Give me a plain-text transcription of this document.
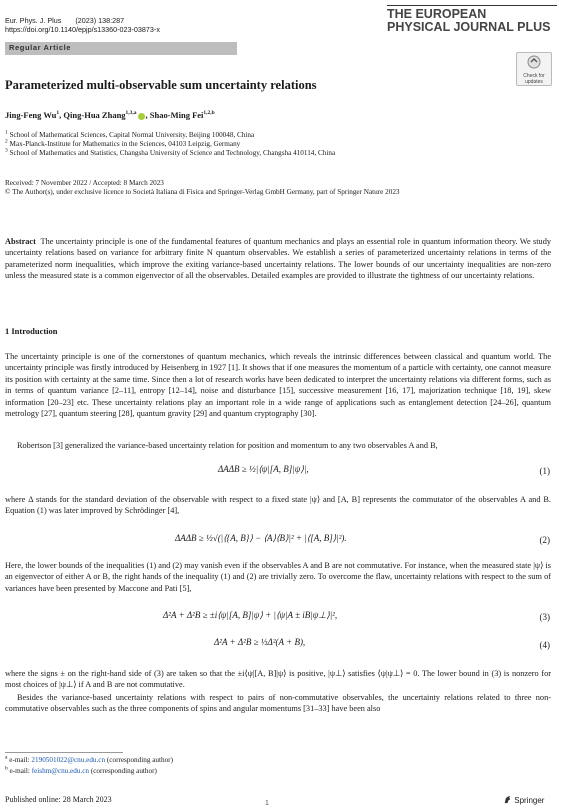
Eur. Phys. J. Plus (2023) 138:287
https://doi.org/10.1140/epjp/s13360-023-03873-x
THE EUROPEAN
PHYSICAL JOURNAL PLUS
Regular Article
Check for updates
Parameterized multi-observable sum uncertainty relations
Jing-Feng Wu$^1$, Qing-Hua Zhang$^{1,3,a}$ , Shao-Ming Fei$^{1,2,b}$
$^1$ School of Mathematical Sciences, Capital Normal University, Beijing 100048, China
$^2$ Max-Planck-Institute for Mathematics in the Sciences, 04103 Leipzig, Germany
$^3$ School of Mathematics and Statistics, Changsha University of Science and Technology, Changsha 410114, China
Received: 7 November 2022 / Accepted: 8 March 2023
© The Author(s), under exclusive licence to Società Italiana di Fisica and Springer-Verlag GmbH Germany, part of Springer Nature 2023
Abstract The uncertainty principle is one of the fundamental features of quantum mechanics and plays an essential role in quantum information theory. We study uncertainty relations based on variance for arbitrary finite N quantum observables. We establish a series of parameterized uncertainty relations in terms of the parameterized norm inequalities, which improve the exiting variance-based uncertainty relations. The lower bounds of our uncertainty inequalities are non-zero unless the measured state is a common eigenvector of all the observables. Detailed examples are provided to illustrate the tightness of our uncertainty relations.
1 Introduction
The uncertainty principle is one of the cornerstones of quantum mechanics, which reveals the intrinsic differences between classical and quantum world. The uncertainty principle was firstly introduced by Heisenberg in 1927 [1]. It shows that if one measures the momentum of a particle with certainty, one cannot measure its position with certainty at the same time. Since then a lot of research works have been dedicated to interpret the uncertainty relations via different forms, such as in terms of quantum variance [2–11], entropy [12–14], noise and disturbance [15], successive measurement [16, 17], majorization technique [18, 19], skew information [20–23] etc. These uncertainty relations play an important role in a wide range of applications such as entanglement detection [24–26], quantum metrology [27], quantum steering [28], quantum gravity [29] and quantum cryptography [30].
Robertson [3] generalized the variance-based uncertainty relation for position and momentum to any two observables A and B,
ΔAΔB ≥ ½|⟨ψ|[A, B]|ψ⟩|,	(1)
where Δ stands for the standard deviation of the observable with respect to a fixed state |ψ⟩ and [A, B] represents the commutator of the observables A and B. Equation (1) was later improved by Schrödinger [4],
ΔAΔB ≥ ½√(|⟨{A, B}⟩ − ⟨A⟩⟨B⟩|² + |⟨[A, B]⟩|²).	(2)
Here, the lower bounds of the inequalities (1) and (2) may vanish even if the observables A and B are not commutative. For instance, when the measured state |ψ⟩ is an eigenvector of either A or B, the right hands of the inequality (1) and (2) are trivially zero. To overcome the flaw, uncertainty relations with respect to the sum of variances have been presented by Maccone and Pati [5],
Δ²A + Δ²B ≥ ±i⟨ψ|[A, B]|ψ⟩ + |⟨ψ|A ± iB|ψ⊥⟩|²,	(3)
Δ²A + Δ²B ≥ ½Δ²(A + B),	(4)
where the signs ± on the right-hand side of (3) are taken so that the ±i⟨ψ|[A, B]|ψ⟩ is positive, |ψ⊥⟩ satisfies ⟨ψ|ψ⊥⟩ = 0. The lower bound in (3) is nonzero for most choices of |ψ⊥⟩ if A and B are not commutative.
Besides the variance-based uncertainty relations with respect to pairs of non-commutative observables, the uncertainty relations related to three non-commutative observables such as the three components of spins and angular momentums [31–33] have been also
$^a$ e-mail: 2190501022@cnu.edu.cn (corresponding author)
$^b$ e-mail: feishm@cnu.edu.cn (corresponding author)
Published online: 28 March 2023	Springer
1
